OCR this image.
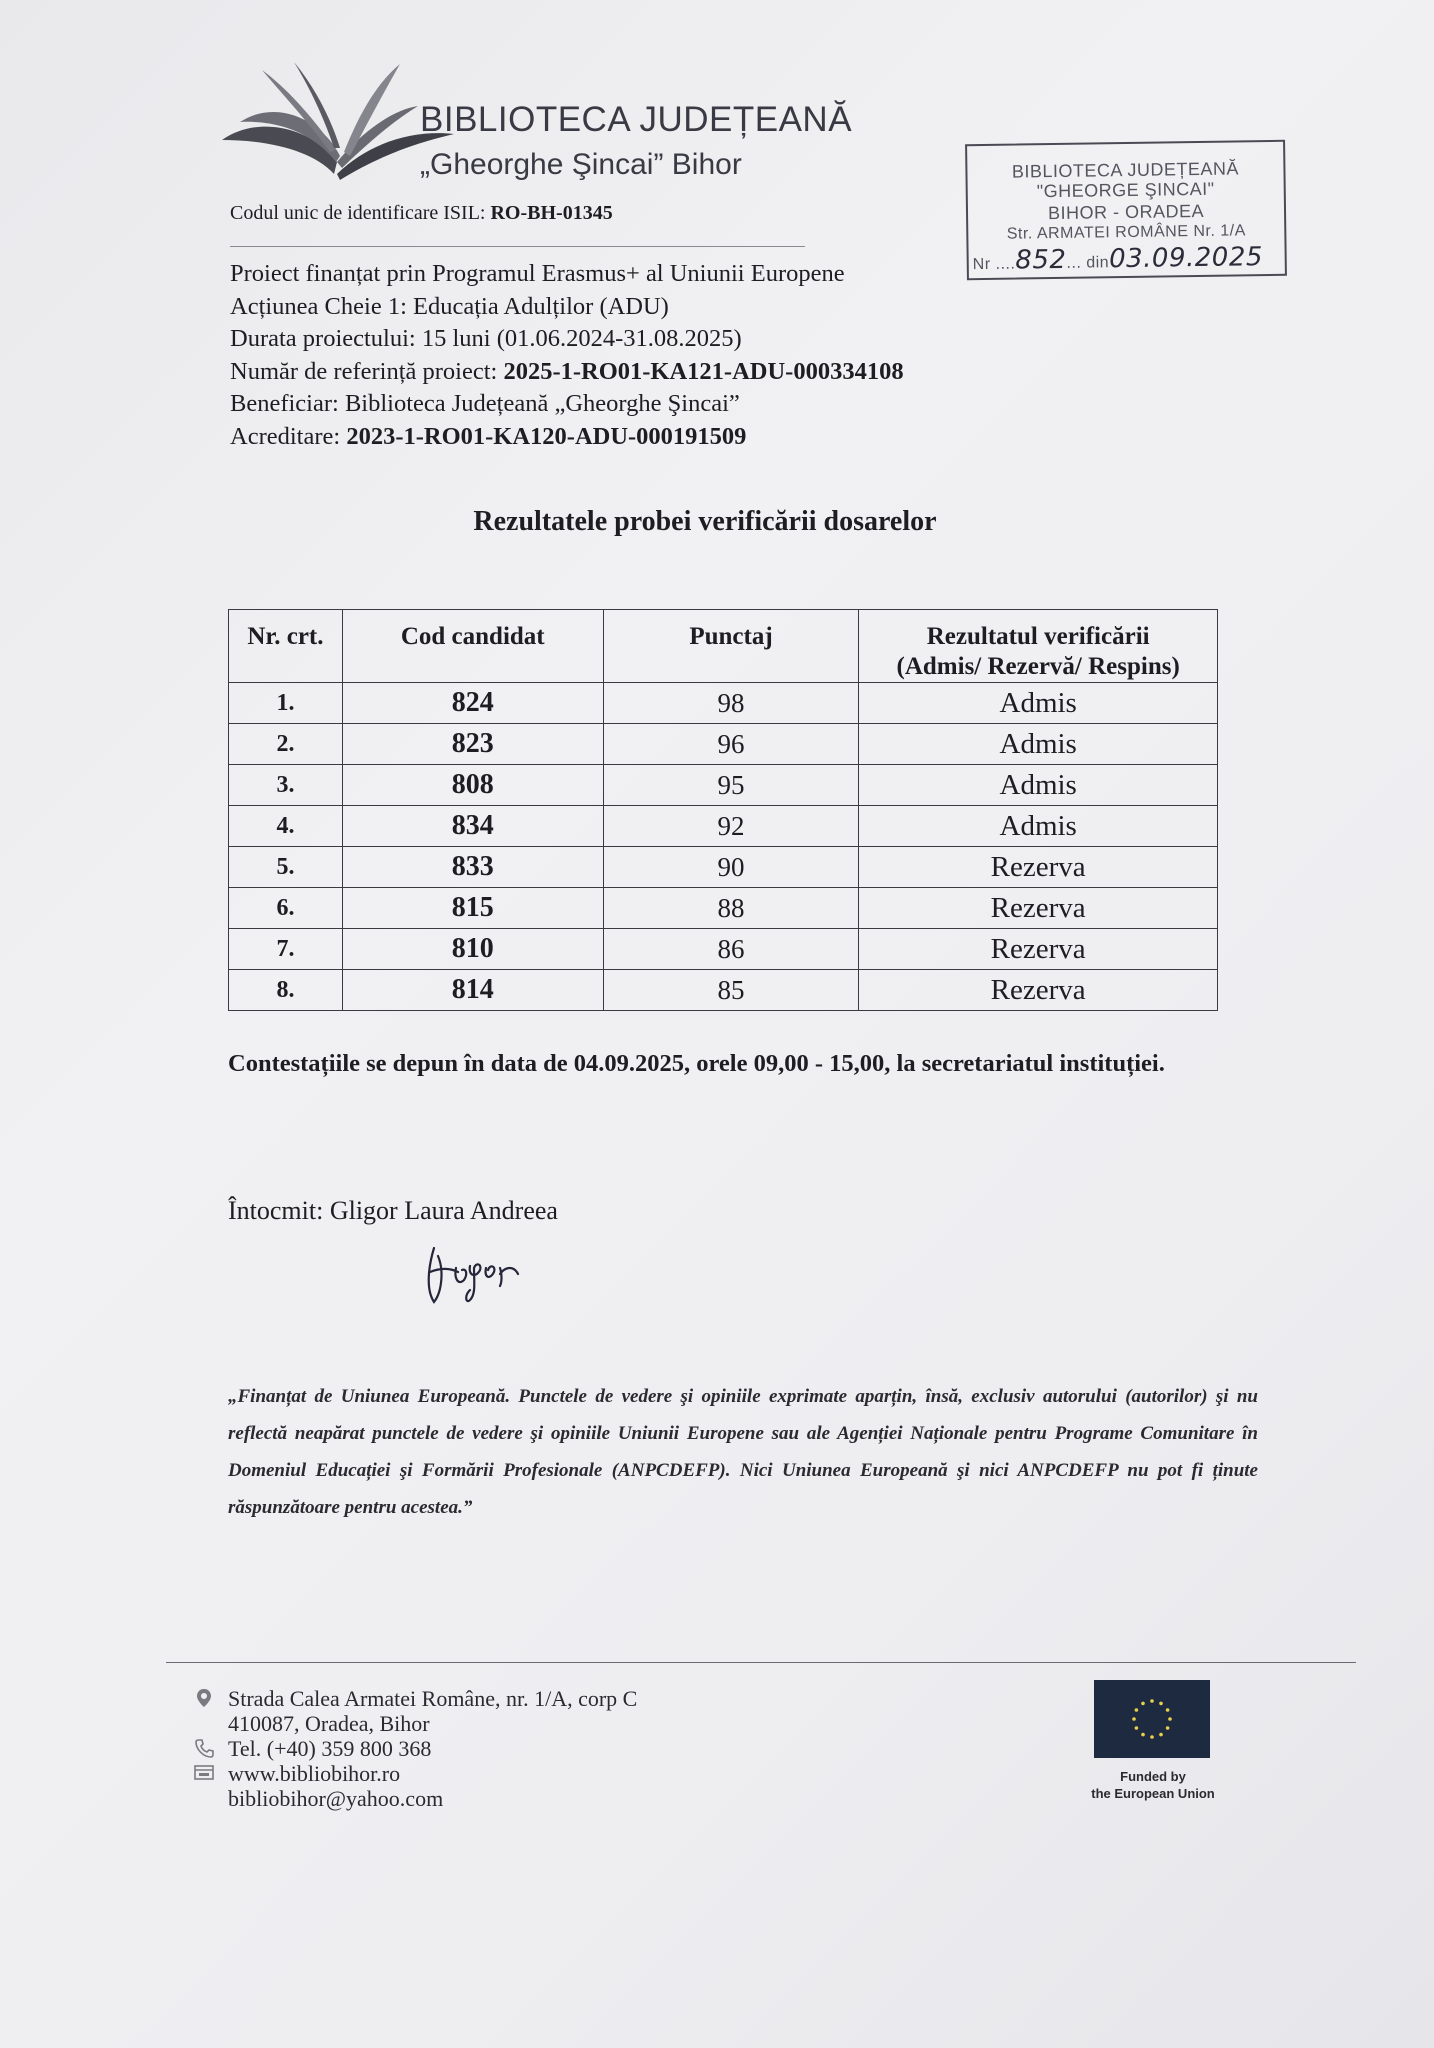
BIBLIOTECA JUDEȚEANĂ
„Gheorghe Şincai” Bihor
Codul unic de identificare ISIL: RO-BH-01345
BIBLIOTECA JUDEȚEANĂ
"GHEORGE ŞINCAI"
BIHOR - ORADEA
Str. ARMATEI ROMÂNE Nr. 1/A
Nr ....852... din03.09.2025
Proiect finanțat prin Programul Erasmus+ al Uniunii Europene
Acțiunea Cheie 1: Educația Adulților (ADU)
Durata proiectului: 15 luni (01.06.2024-31.08.2025)
Număr de referință proiect: 2025-1-RO01-KA121-ADU-000334108
Beneficiar: Biblioteca Județeană „Gheorghe Şincai”
Acreditare: 2023-1-RO01-KA120-ADU-000191509
Rezultatele probei verificării dosarelor
Nr. crt.	Cod candidat	Punctaj	Rezultatul verificării
(Admis/ Rezervă/ Respins)
1.	824	98	Admis
2.	823	96	Admis
3.	808	95	Admis
4.	834	92	Admis
5.	833	90	Rezerva
6.	815	88	Rezerva
7.	810	86	Rezerva
8.	814	85	Rezerva
Contestațiile se depun în data de 04.09.2025, orele 09,00 - 15,00, la secretariatul instituției.
Întocmit: Gligor Laura Andreea
„Finanțat de Uniunea Europeană. Punctele de vedere şi opiniile exprimate aparțin, însă, exclusiv autorului (autorilor) şi nu reflectă neapărat punctele de vedere şi opiniile Uniunii Europene sau ale Agenției Naționale pentru Programe Comunitare în Domeniul Educației şi Formării Profesionale (ANPCDEFP). Nici Uniunea Europeană şi nici ANPCDEFP nu pot fi ținute răspunzătoare pentru acestea.”
Strada Calea Armatei Române, nr. 1/A, corp C
410087, Oradea, Bihor
Tel. (+40) 359 800 368
www.bibliobihor.ro
bibliobihor@yahoo.com
Funded by
the European Union
